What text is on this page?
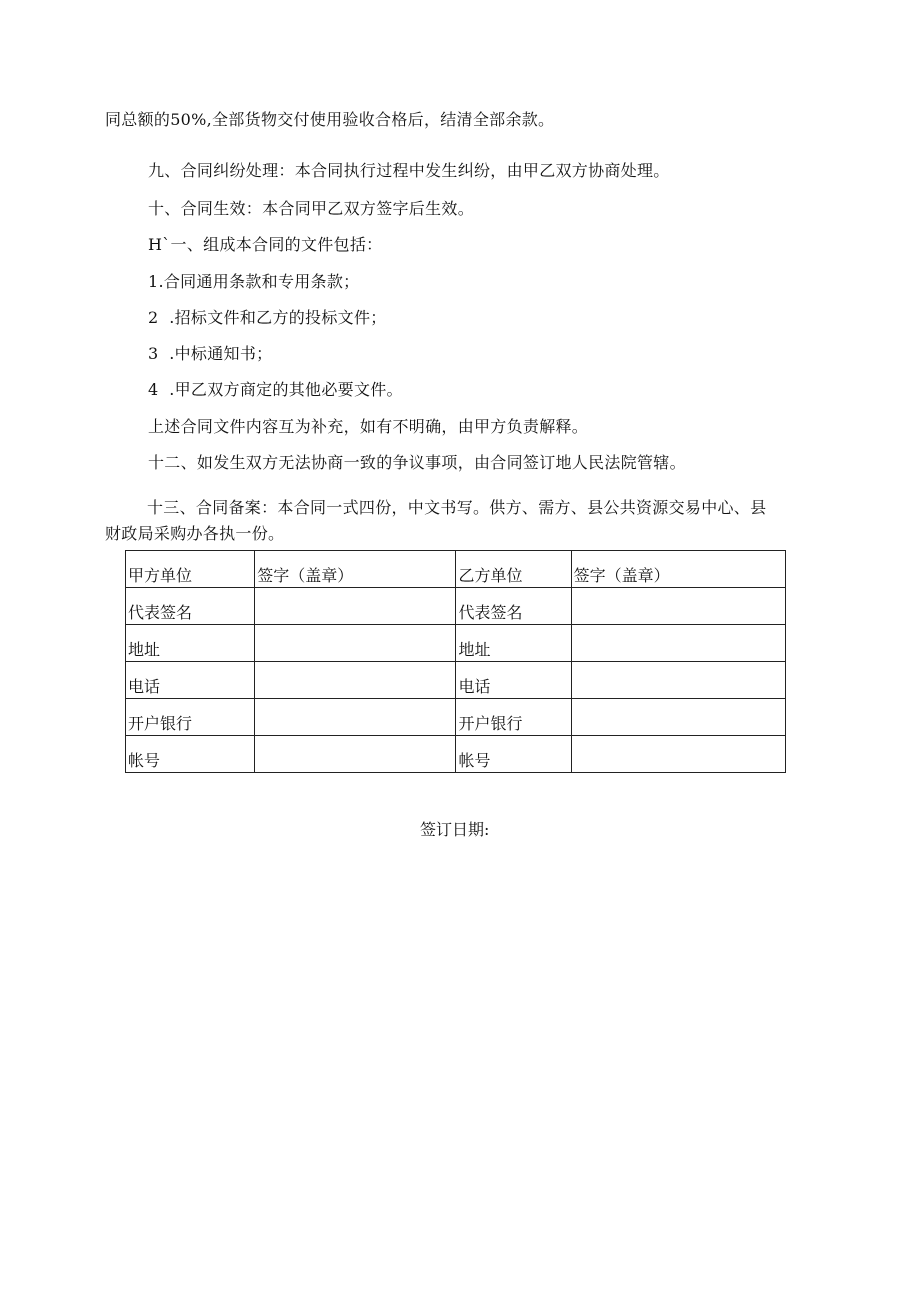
同总额的50%,全部货物交付使用验收合格后，结清全部余款。
九、合同纠纷处理：本合同执行过程中发生纠纷，由甲乙双方协商处理。
十、合同生效：本合同甲乙双方签字后生效。
H`一、组成本合同的文件包括：
1.合同通用条款和专用条款；
2  .招标文件和乙方的投标文件；
3  .中标通知书；
4  .甲乙双方商定的其他必要文件。
上述合同文件内容互为补充，如有不明确，由甲方负责解释。
十二、如发生双方无法协商一致的争议事项，由合同签订地人民法院管辖。
十三、合同备案：本合同一式四份，中文书写。供方、需方、县公共资源交易中心、县
财政局采购办各执一份。
甲方单位	签字（盖章）	乙方单位	签字（盖章）
代表签名		代表签名	
地址		地址	
电话		电话	
开户银行		开户银行	
帐号		帐号	
签订日期:
